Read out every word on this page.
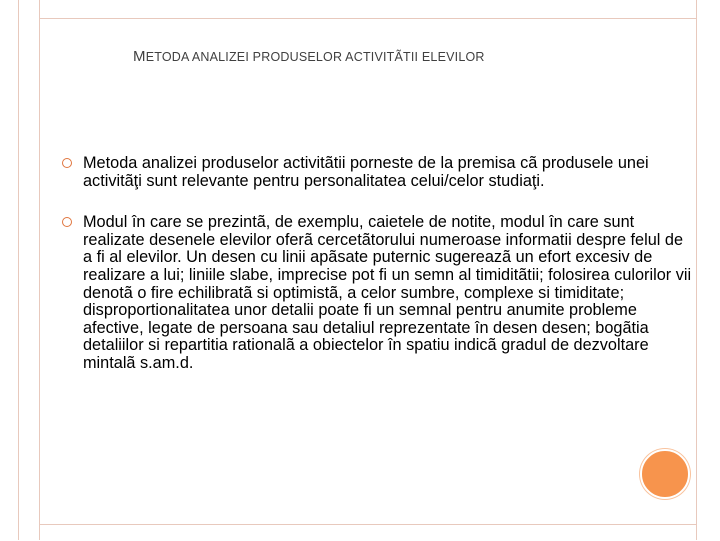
METODA ANALIZEI PRODUSELOR ACTIVITÃTII ELEVILOR
Metoda analizei produselor activitãtii porneste de la premisa cã produsele unei activitãţi sunt relevante pentru personalitatea celui/celor studiaţi.
Modul în care se prezintã, de exemplu, caietele de notite, modul în care sunt realizate desenele elevilor oferã cercetãtorului numeroase informatii despre felul de a fi al elevilor. Un desen cu linii apãsate puternic sugereazã un efort excesiv de realizare a lui; liniile slabe, imprecise pot fi un semn al timiditãtii; folosirea culorilor vii denotã o fire echilibratã si optimistã, a celor sumbre, complexe si timiditate; disproportionalitatea unor detalii poate fi un semnal pentru anumite probleme afective, legate de persoana sau detaliul reprezentate în desen desen; bogãtia detaliilor si repartitia rationalã a obiectelor în spatiu indicã gradul de dezvoltare mintalã s.am.d.
